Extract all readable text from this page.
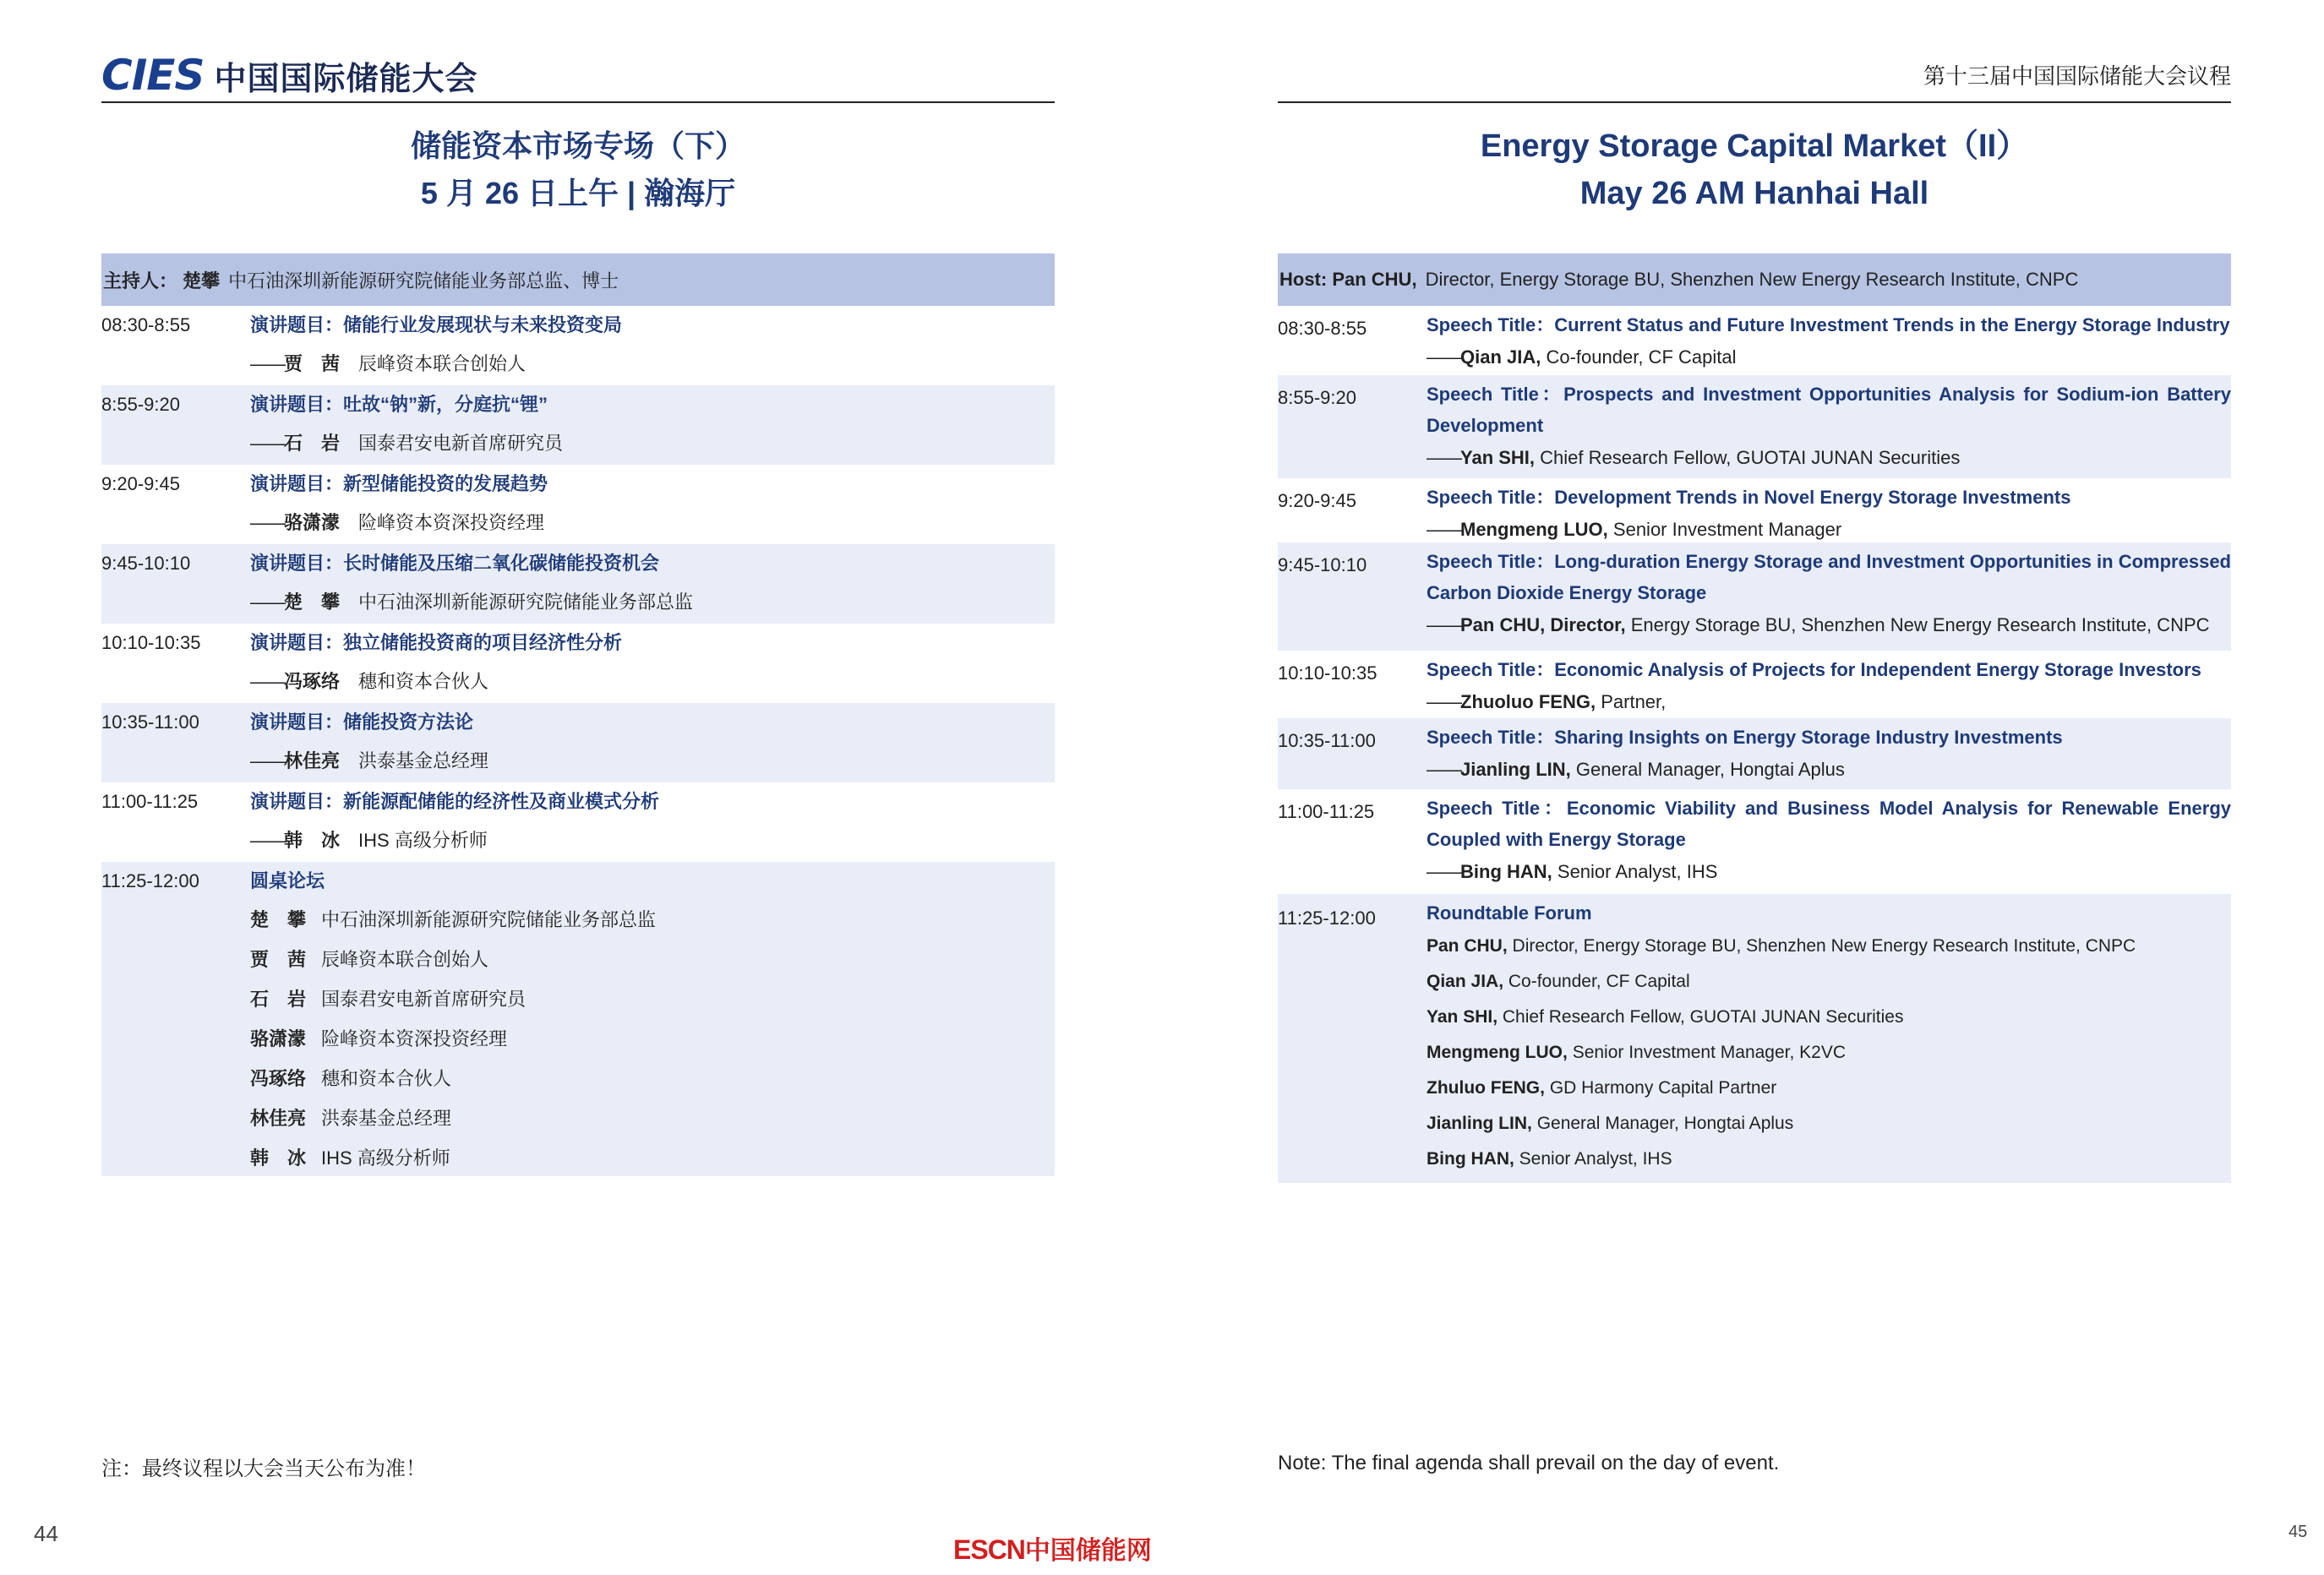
CIES 中国国际储能大会
储能资本市场专场（下）
5 月 26 日上午 | 瀚海厅
主持人： 楚攀 中石油深圳新能源研究院储能业务部总监、博士
08:30-8:55	演讲题目：储能行业发展现状与未来投资变局
——贾　茜　 辰峰资本联合创始人
8:55-9:20	演讲题目：吐故“钠”新，分庭抗“锂”
——石　岩　 国泰君安电新首席研究员
9:20-9:45	演讲题目：新型储能投资的发展趋势
——骆潇濛　 险峰资本资深投资经理
9:45-10:10	演讲题目：长时储能及压缩二氧化碳储能投资机会
——楚　攀　 中石油深圳新能源研究院储能业务部总监
10:10-10:35	演讲题目：独立储能投资商的项目经济性分析
——冯琢络　 穗和资本合伙人
10:35-11:00	演讲题目：储能投资方法论
——林佳亮　 洪泰基金总经理
11:00-11:25	演讲题目：新能源配储能的经济性及商业模式分析
——韩　冰　 IHS 高级分析师
11:25-12:00	圆桌论坛
楚　攀 中石油深圳新能源研究院储能业务部总监
贾　茜 辰峰资本联合创始人
石　岩 国泰君安电新首席研究员
骆潇濛 险峰资本资深投资经理
冯琢络 穗和资本合伙人
林佳亮 洪泰基金总经理
韩　冰 IHS 高级分析师
注：最终议程以大会当天公布为准！
44
第十三届中国国际储能大会议程
Energy Storage Capital Market（II）
May 26 AM Hanhai Hall
Host: Pan CHU, Director, Energy Storage BU, Shenzhen New Energy Research Institute, CNPC
08:30-8:55	Speech Title：Current Status and Future Investment Trends in the Energy Storage Industry
——Qian JIA, Co-founder, CF Capital
8:55-9:20	Speech Title：Prospects and Investment Opportunities Analysis for Sodium-ion Battery Development
——Yan SHI, Chief Research Fellow, GUOTAI JUNAN Securities
9:20-9:45	Speech Title：Development Trends in Novel Energy Storage Investments
——Mengmeng LUO, Senior Investment Manager
9:45-10:10	Speech Title：Long-duration Energy Storage and Investment Opportunities in Compressed Carbon Dioxide Energy Storage
——Pan CHU, Director, Energy Storage BU, Shenzhen New Energy Research Institute, CNPC
10:10-10:35	Speech Title：Economic Analysis of Projects for Independent Energy Storage Investors
——Zhuoluo FENG, Partner,
10:35-11:00	Speech Title：Sharing Insights on Energy Storage Industry Investments
——Jianling LIN, General Manager, Hongtai Aplus
11:00-11:25	Speech Title：Economic Viability and Business Model Analysis for Renewable Energy Coupled with Energy Storage
——Bing HAN, Senior Analyst, IHS
11:25-12:00	Roundtable Forum
Pan CHU, Director, Energy Storage BU, Shenzhen New Energy Research Institute, CNPC
Qian JIA, Co-founder, CF Capital
Yan SHI, Chief Research Fellow, GUOTAI JUNAN Securities
Mengmeng LUO, Senior Investment Manager, K2VC
Zhuluo FENG, GD Harmony Capital Partner
Jianling LIN, General Manager, Hongtai Aplus
Bing HAN, Senior Analyst, IHS
Note: The final agenda shall prevail on the day of event.
45
ESCN 中国储能网
